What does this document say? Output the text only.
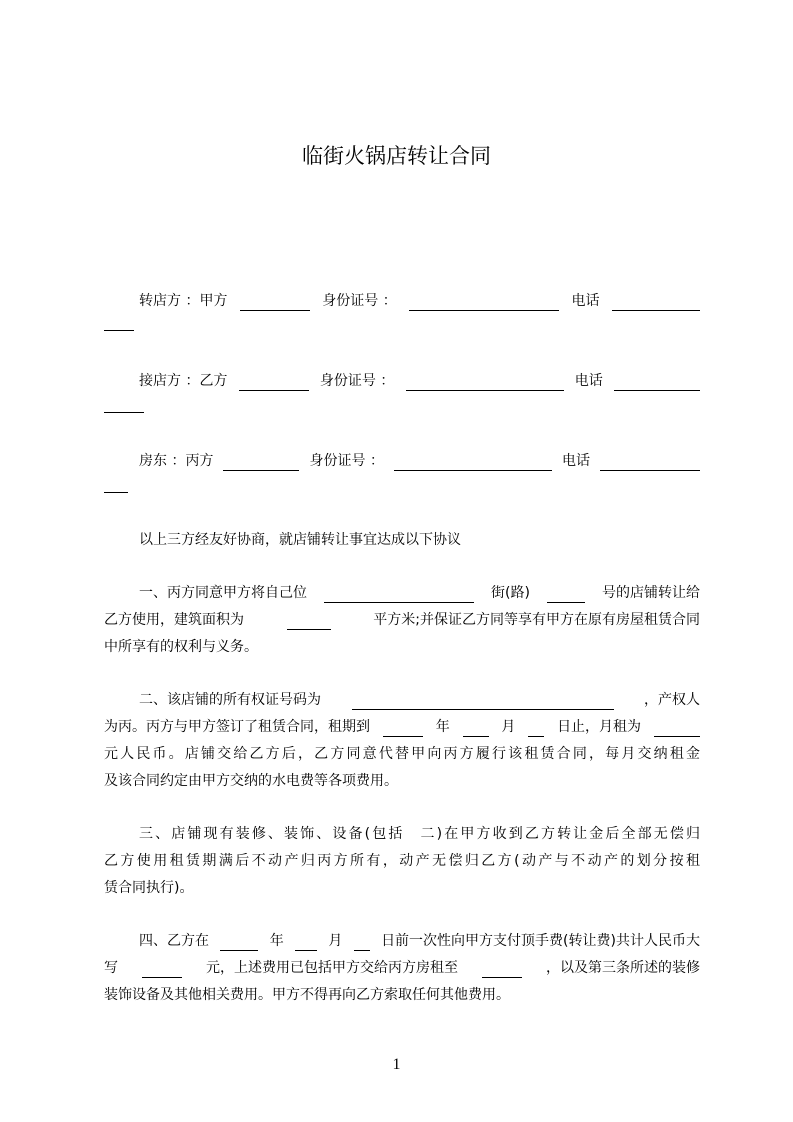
临街火锅店转让合同
转店方 ：甲方	身份证号 ：	电话
接店方 ：乙方	身份证号 ：	电话
房东 ：丙方	身份证号 ：	电话
以上三方经友好协商，就店铺转让事宜达成以下协议
一、丙方同意甲方将自己位	街(路)	号的店铺转让给
乙方使用，建筑面积为	平方米;并保证乙方同等享有甲方在原有房屋租赁合同
中所享有的权利与义务。
二、该店铺的所有权证号码为	，产权人
为丙。丙方与甲方签订了租赁合同，租期到	年	月	日止，月租为
元人民币。店铺交给乙方后，乙方同意代替甲向丙方履行该租赁合同，每月交纳租金
及该合同约定由甲方交纳的水电费等各项费用。
三、店铺现有装修、装饰、设备(包括　二)在甲方收到乙方转让金后全部无偿归
乙方使用租赁期满后不动产归丙方所有，动产无偿归乙方(动产与不动产的划分按租
赁合同执行)。
四、乙方在	年	月	日前一次性向甲方支付顶手费(转让费)共计人民币大
写	元，上述费用已包括甲方交给丙方房租至	，以及第三条所述的装修
装饰设备及其他相关费用。甲方不得再向乙方索取任何其他费用。
1
